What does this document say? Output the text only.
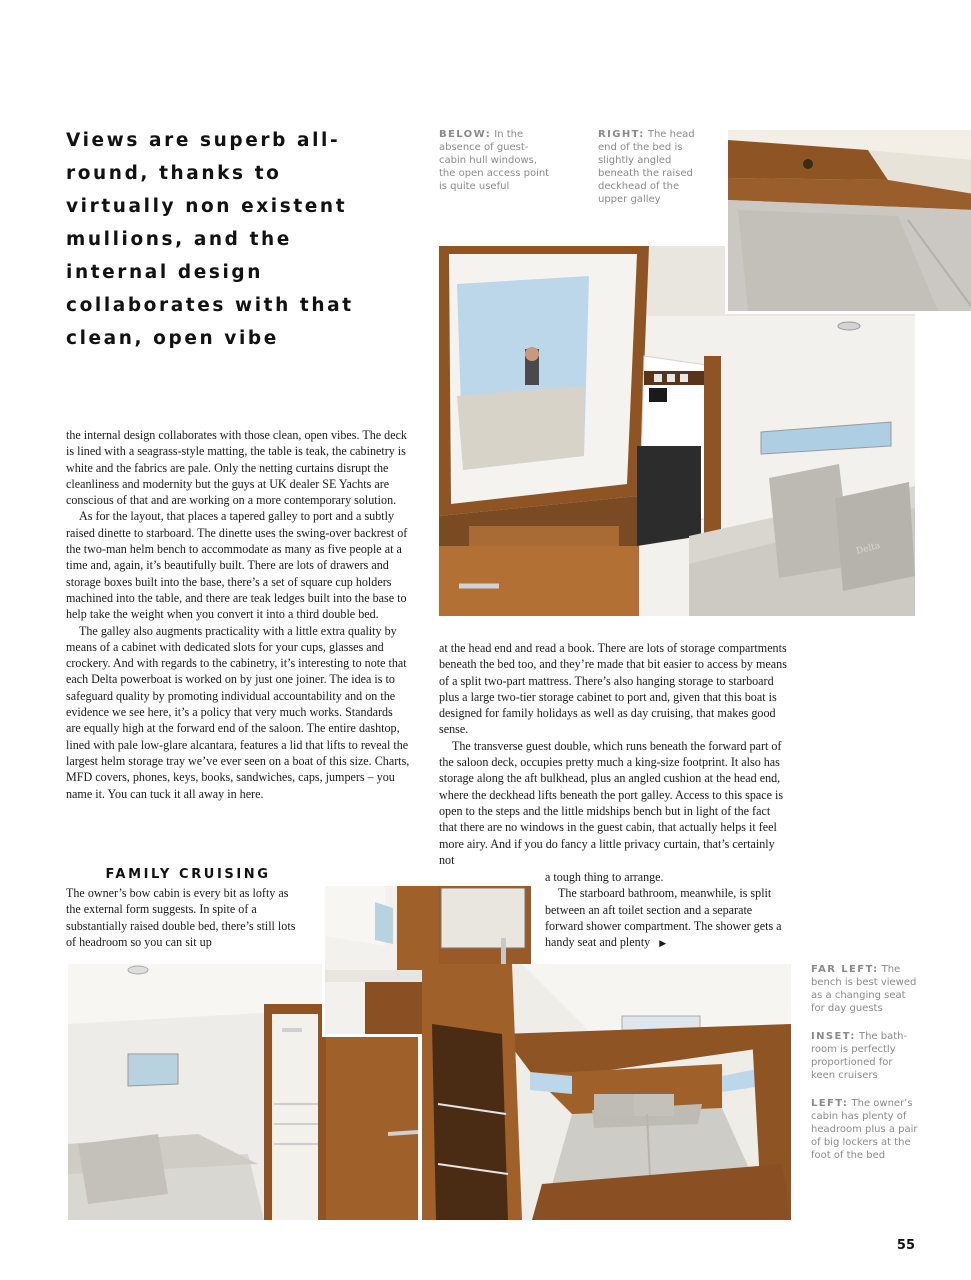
Views are superb all-round, thanks to virtually non existent mullions, and the internal design collaborates with that clean, open vibe

BELOW: In the absence of guest-cabin hull windows, the open access point is quite useful
RIGHT: The head end of the bed is slightly angled beneath the raised deckhead of the upper galley
Delta

the internal design collaborates with those clean, open vibes. The deck is lined with a seagrass-style matting, the table is teak, the cabinetry is white and the fabrics are pale. Only the netting curtains disrupt the cleanliness and modernity but the guys at UK dealer SE Yachts are conscious of that and are working on a more contemporary solution.

As for the layout, that places a tapered galley to port and a subtly raised dinette to starboard. The dinette uses the swing-over backrest of the two-man helm bench to accommodate as many as five people at a time and, again, it’s beautifully built. There are lots of drawers and storage boxes built into the base, there’s a set of square cup holders machined into the table, and there are teak ledges built into the base to help take the weight when you convert it into a third double bed.

The galley also augments practicality with a little extra quality by means of a cabinet with dedicated slots for your cups, glasses and crockery. And with regards to the cabinetry, it’s interesting to note that each Delta powerboat is worked on by just one joiner. The idea is to safeguard quality by promoting individual accountability and on the evidence we see here, it’s a policy that very much works. Standards are equally high at the forward end of the saloon. The entire dashtop, lined with pale low-glare alcantara, features a lid that lifts to reveal the largest helm storage tray we’ve ever seen on a boat of this size. Charts, MFD covers, phones, keys, books, sandwiches, caps, jumpers – you name it. You can tuck it all away in here.

FAMILY CRUISING

The owner’s bow cabin is every bit as lofty as the external form suggests. In spite of a substantially raised double bed, there’s still lots of headroom so you can sit up

at the head end and read a book. There are lots of storage compartments beneath the bed too, and they’re made that bit easier to access by means of a split two-part mattress. There’s also hanging storage to starboard plus a large two-tier storage cabinet to port and, given that this boat is designed for family holidays as well as day cruising, that makes good sense.

The transverse guest double, which runs beneath the forward part of the saloon deck, occupies pretty much a king-size footprint. It also has storage along the aft bulkhead, plus an angled cushion at the head end, where the deckhead lifts beneath the port galley. Access to this space is open to the steps and the little midships bench but in light of the fact that there are no windows in the guest cabin, that actually helps it feel more airy. And if you do fancy a little privacy curtain, that’s certainly not

a tough thing to arrange.

The starboard bathroom, meanwhile, is split between an aft toilet section and a separate forward shower compartment. The shower gets a handy seat and plenty ▶

FAR LEFT: The bench is best viewed as a changing seat for day guests
INSET: The bath-room is perfectly proportioned for keen cruisers
LEFT: The owner’s cabin has plenty of headroom plus a pair of big lockers at the foot of the bed
55
